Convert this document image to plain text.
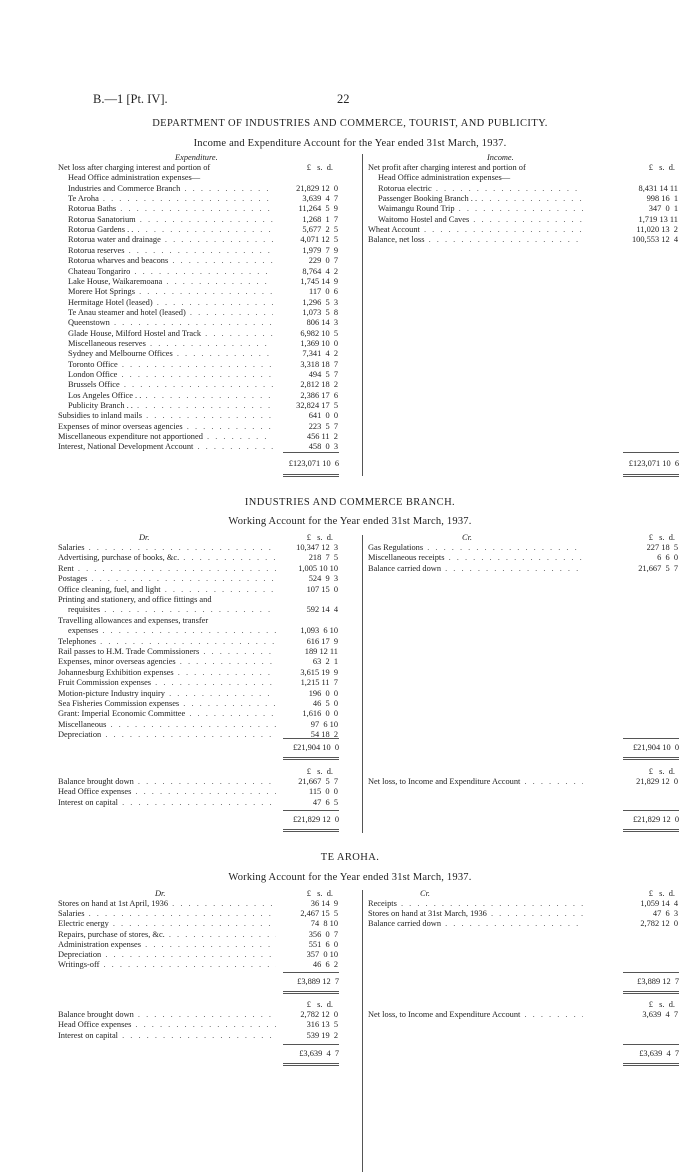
B.—1 [Pt. IV].	22
DEPARTMENT OF INDUSTRIES AND COMMERCE, TOURIST, AND PUBLICITY.
Income and Expenditure Account for the Year ended 31st March, 1937.
Expenditure.	Income.
£   s.  d.	£   s.  d.
Net loss after charging interest and portion of
Head Office administration expenses—
Industries and Commerce Branch . . .	21,829 12  0
Te Aroha . . .	3,639  4  7
Rotorua Baths . . .	11,264  5  9
Rotorua Sanatorium . . .	1,268  1  7
Rotorua Gardens . . . . .	5,677  2  5
Rotorua water and drainage . . .	4,071 12  5
Rotorua reserves . . .	1,979  7  9
Rotorua wharves and beacons . . .	229  0  7
Chateau Tongariro . . .	8,764  4  2
Lake House, Waikaremoana . . .	1,745 14  9
Morere Hot Springs . . .	117  0  6
Hermitage Hotel (leased) . . .	1,296  5  3
Te Anau steamer and hotel (leased) . . .	1,073  5  8
Queenstown . . .	806 14  3
Glade House, Milford Hostel and Track . . .	6,982 10  5
Miscellaneous reserves . . .	1,369 10  0
Sydney and Melbourne Offices . . .	7,341  4  2
Toronto Office . . .	3,318 18  7
London Office . . .	494  5  7
Brussels Office . . .	2,812 18  2
Los Angeles Office . . . . .	2,386 17  6
Publicity Branch . . . . .	32,824 17  5
Subsidies to inland mails . . .	641  0  0
Expenses of minor overseas agencies . . .	223  5  7
Miscellaneous expenditure not apportioned . . .	456 11  2
Interest, National Development Account . . .	458  0  3
Net profit after charging interest and portion of
Head Office administration expenses—
Rotorua electric . . .	8,431 14 11
Passenger Booking Branch . . . . .	998 16  1
Waimangu Round Trip . . .	347  0  1
Waitomo Hostel and Caves . . .	1,719 13 11
Wheat Account . . .	11,020 13  2
Balance, net loss . . .	100,553 12  4
£123,071 10  6	£123,071 10  6
INDUSTRIES AND COMMERCE BRANCH.
Working Account for the Year ended 31st March, 1937.
Dr.	Cr.
£   s.  d.	£   s.  d.
Salaries . . .	10,347 12  3
Advertising, purchase of books, &c. . . .	218  7  5
Rent . . .	1,005 10 10
Postages . . .	524  9  3
Office cleaning, fuel, and light . . .	107 15  0
Printing and stationery, and office fittings and
requisites . . .	592 14  4
Travelling allowances and expenses, transfer
expenses . . .	1,093  6 10
Telephones . . .	616 17  9
Rail passes to H.M. Trade Commissioners . . .	189 12 11
Expenses, minor overseas agencies . . .	63  2  1
Johannesburg Exhibition expenses . . .	3,615 19  9
Fruit Commission expenses . . .	1,215 11  7
Motion-picture Industry inquiry . . .	196  0  0
Sea Fisheries Commission expenses . . .	46  5  0
Grant: Imperial Economic Committee . . .	1,616  0  0
Miscellaneous . . .	97  6 10
Depreciation . . .	54 18  2
Gas Regulations . . .	227 18  5
Miscellaneous receipts . . .	6  6  0
Balance carried down . . .	21,667  5  7
£21,904 10  0	£21,904 10  0
£   s.  d.	£   s.  d.
Balance brought down . . .	21,667  5  7
Head Office expenses . . .	115  0  0
Interest on capital . . .	47  6  5
Net loss, to Income and Expenditure Account . . .	21,829 12  0
£21,829 12  0	£21,829 12  0
TE AROHA.
Working Account for the Year ended 31st March, 1937.
Dr.	Cr.
£   s.  d.	£   s.  d.
Stores on hand at 1st April, 1936 . . .	36 14  9
Salaries . . .	2,467 15  5
Electric energy . . .	74  8 10
Repairs, purchase of stores, &c. . . .	356  0  7
Administration expenses . . .	551  6  0
Depreciation . . .	357  0 10
Writings-off . . .	46  6  2
Receipts . . .	1,059 14  4
Stores on hand at 31st March, 1936 . . .	47  6  3
Balance carried down . . .	2,782 12  0
£3,889 12  7	£3,889 12  7
£   s.  d.	£   s.  d.
Balance brought down . . .	2,782 12  0
Head Office expenses . . .	316 13  5
Interest on capital . . .	539 19  2
Net loss, to Income and Expenditure Account . . .	3,639  4  7
£3,639  4  7	£3,639  4  7
